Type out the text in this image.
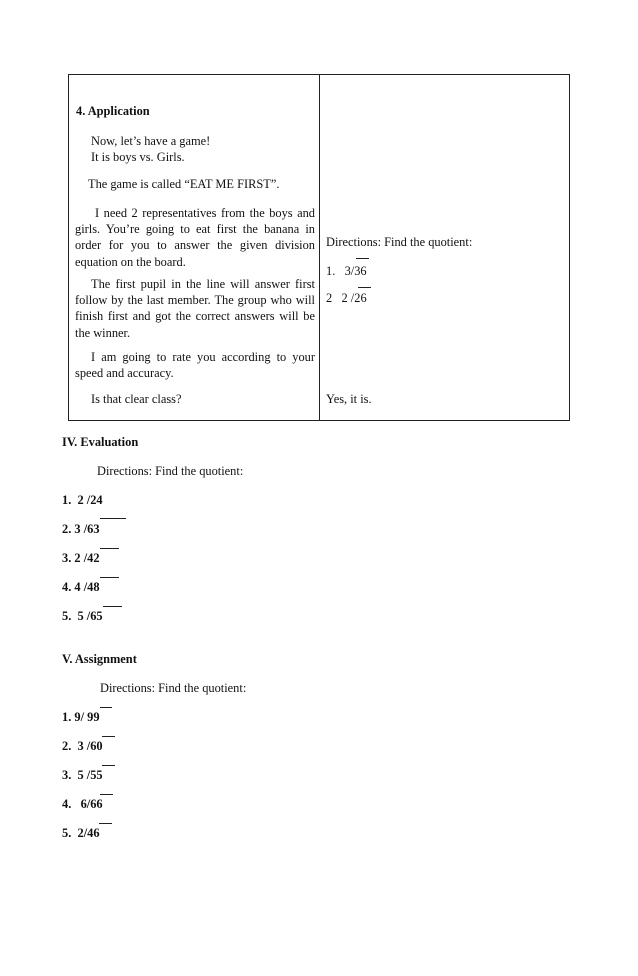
4. Application
Now, let’s have a game!
It is boys vs. Girls.
The game is called “EAT ME FIRST”.
I need 2 representatives from the boys and girls. You’re going to eat first the banana in order for you to answer the given division equation on the board.
The first pupil in the line will answer first follow by the last member. The group who will finish first and got the correct answers will be the winner.
I am going to rate you according to your speed and accuracy.
Is that clear class?
Directions: Find the quotient:
1. 3/36
2 2 /26
Yes, it is.
IV. Evaluation
Directions: Find the quotient:
1. 2 /24
2. 3 /63
3. 2 /42
4. 4 /48
5. 5 /65
V. Assignment
Directions: Find the quotient:
1. 9/ 99
2. 3 /60
3. 5 /55
4. 6/66
5. 2/46
